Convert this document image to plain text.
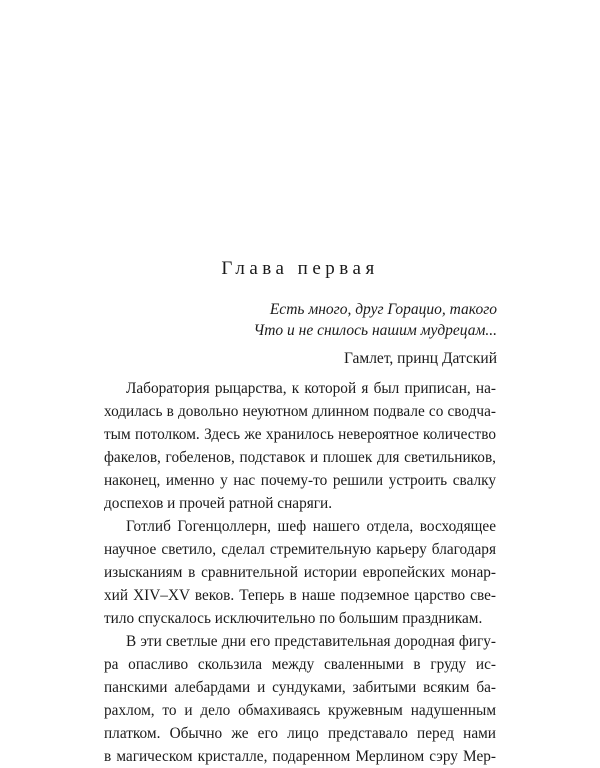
Глава первая

Есть много, друг Горацио, такого

Что и не снилось нашим мудрецам...

Гамлет, принц Датский

Лаборатория рыцарства, к которой я был приписан, на-
ходилась в довольно неуютном длинном подвале со сводча-
тым потолком. Здесь же хранилось невероятное количество
факелов, гобеленов, подставок и плошек для светильников,
наконец, именно у нас почему-то решили устроить свалку
доспехов и прочей ратной снаряги.
Готлиб Гогенцоллерн, шеф нашего отдела, восходящее
научное светило, сделал стремительную карьеру благодаря
изысканиям в сравнительной истории европейских монар-
хий XIV–XV веков. Теперь в наше подземное царство све-
тило спускалось исключительно по большим праздникам.
В эти светлые дни его представительная дородная фигу-
ра опасливо скользила между сваленными в груду ис-
панскими алебардами и сундуками, забитыми всяким ба-
рахлом, то и дело обмахиваясь кружевным надушенным
платком. Обычно же его лицо представало перед нами
в магическом кристалле, подаренном Мерлином сэру Мер-
